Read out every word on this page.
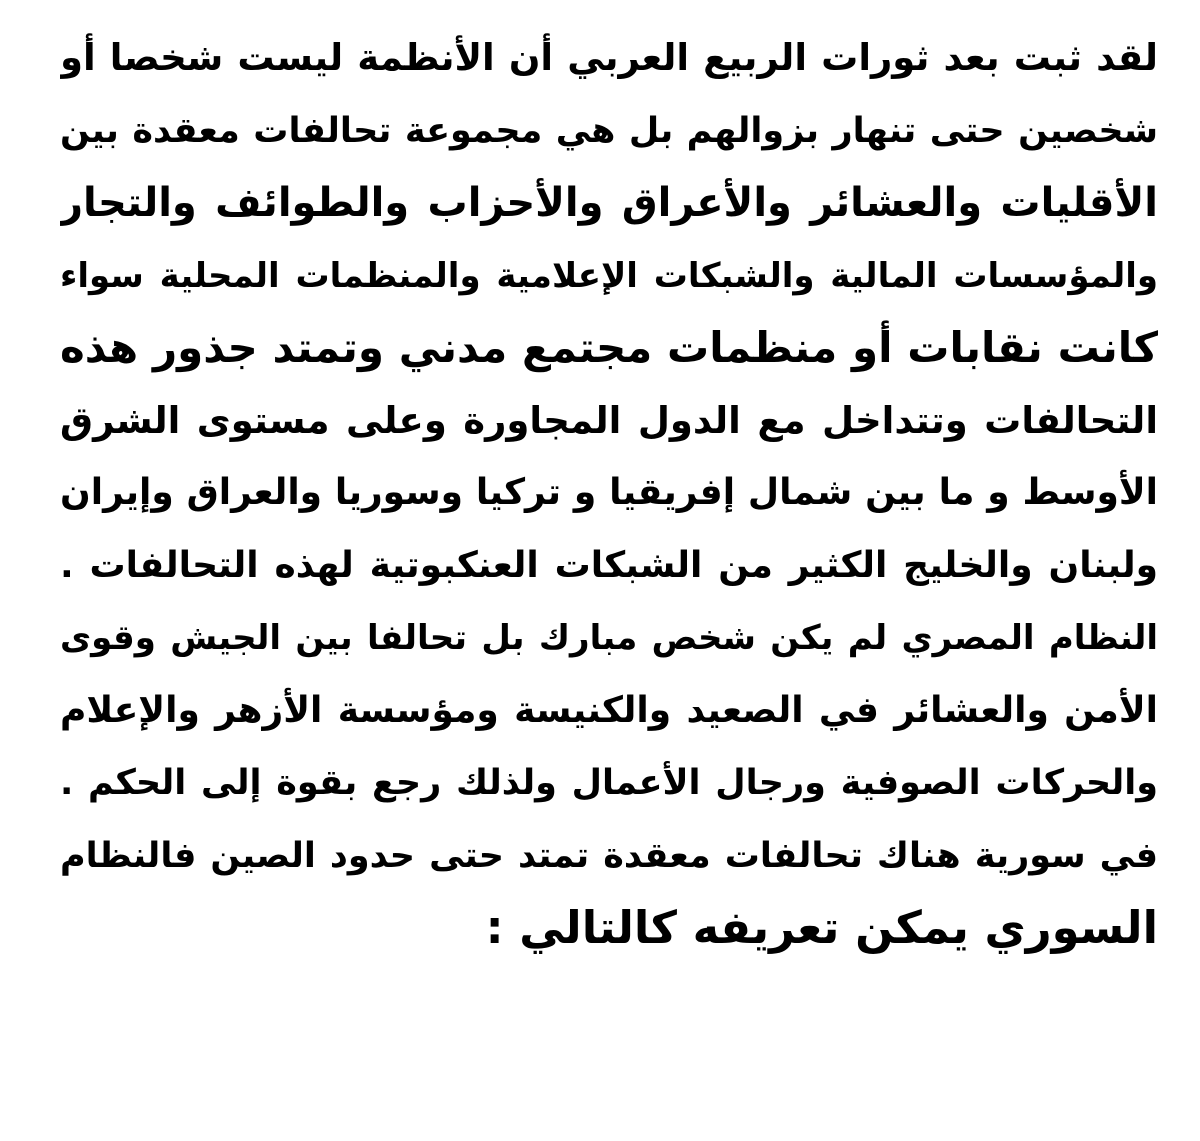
لقد ثبت بعد ثورات الربيع العربي أن الأنظمة ليست شخصا أو
شخصين حتى تنهار بزوالهم بل هي مجموعة تحالفات معقدة بين
الأقليات والعشائر والأعراق والأحزاب والطوائف والتجار
والمؤسسات المالية والشبكات الإعلامية والمنظمات المحلية سواء
كانت نقابات أو منظمات مجتمع مدني وتمتد جذور هذه
التحالفات وتتداخل مع الدول المجاورة وعلى مستوى الشرق
الأوسط و ما بين شمال إفريقيا و تركيا وسوريا والعراق وإيران
ولبنان والخليج الكثير من الشبكات العنكبوتية لهذه التحالفات .
النظام المصري لم يكن شخص مبارك بل تحالفا بين الجيش وقوى
الأمن والعشائر في الصعيد والكنيسة ومؤسسة الأزهر والإعلام
والحركات الصوفية ورجال الأعمال ولذلك رجع بقوة إلى الحكم .
في سورية هناك تحالفات معقدة تمتد حتى حدود الصين فالنظام
السوري يمكن تعريفه كالتالي :
